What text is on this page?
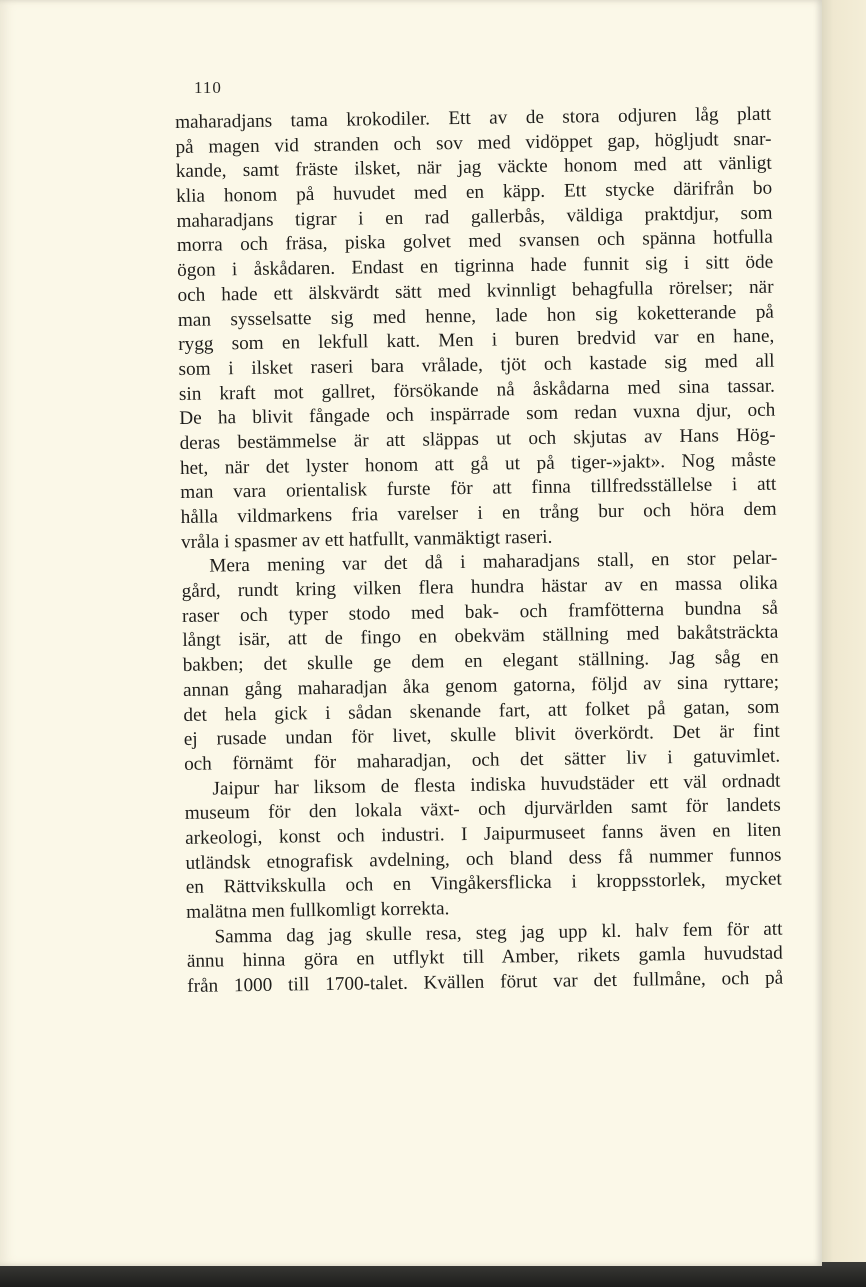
110
maharadjans tama krokodiler. Ett av de stora odjuren låg platt
på magen vid stranden och sov med vidöppet gap, högljudt snar-
kande, samt fräste ilsket, när jag väckte honom med att vänligt
klia honom på huvudet med en käpp. Ett stycke därifrån bo
maharadjans tigrar i en rad gallerbås, väldiga praktdjur, som
morra och fräsa, piska golvet med svansen och spänna hotfulla
ögon i åskådaren. Endast en tigrinna hade funnit sig i sitt öde
och hade ett älskvärdt sätt med kvinnligt behagfulla rörelser; när
man sysselsatte sig med henne, lade hon sig koketterande på
rygg som en lekfull katt. Men i buren bredvid var en hane,
som i ilsket raseri bara vrålade, tjöt och kastade sig med all
sin kraft mot gallret, försökande nå åskådarna med sina tassar.
De ha blivit fångade och inspärrade som redan vuxna djur, och
deras bestämmelse är att släppas ut och skjutas av Hans Hög-
het, när det lyster honom att gå ut på tiger-»jakt». Nog måste
man vara orientalisk furste för att finna tillfredsställelse i att
hålla vildmarkens fria varelser i en trång bur och höra dem
vråla i spasmer av ett hatfullt, vanmäktigt raseri.
Mera mening var det då i maharadjans stall, en stor pelar-
gård, rundt kring vilken flera hundra hästar av en massa olika
raser och typer stodo med bak- och framfötterna bundna så
långt isär, att de fingo en obekväm ställning med bakåtsträckta
bakben; det skulle ge dem en elegant ställning. Jag såg en
annan gång maharadjan åka genom gatorna, följd av sina ryttare;
det hela gick i sådan skenande fart, att folket på gatan, som
ej rusade undan för livet, skulle blivit överkördt. Det är fint
och förnämt för maharadjan, och det sätter liv i gatuvimlet.
Jaipur har liksom de flesta indiska huvudstäder ett väl ordnadt
museum för den lokala växt- och djurvärlden samt för landets
arkeologi, konst och industri. I Jaipurmuseet fanns även en liten
utländsk etnografisk avdelning, och bland dess få nummer funnos
en Rättvikskulla och en Vingåkersflicka i kroppsstorlek, mycket
malätna men fullkomligt korrekta.
Samma dag jag skulle resa, steg jag upp kl. halv fem för att
ännu hinna göra en utflykt till Amber, rikets gamla huvudstad
från 1000 till 1700-talet. Kvällen förut var det fullmåne, och på
